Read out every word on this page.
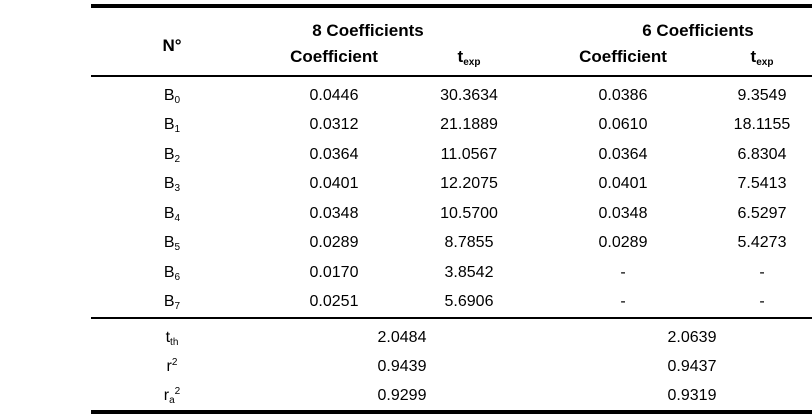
N°
8 Coefficients	6 Coefficients
Coefficient	$t_{exp}$	Coefficient	$t_{exp}$
$B_0$	0.0446	30.3634	0.0386	9.3549
$B_1$	0.0312	21.1889	0.0610	18.1155
$B_2$	0.0364	11.0567	0.0364	6.8304
$B_3$	0.0401	12.2075	0.0401	7.5413
$B_4$	0.0348	10.5700	0.0348	6.5297
$B_5$	0.0289	8.7855	0.0289	5.4273
$B_6$	0.0170	3.8542	-	-
$B_7$	0.0251	5.6906	-	-
$t_{th}$	2.0484	2.0639
$r^2$	0.9439	0.9437
$r_a^2$	0.9299	0.9319
